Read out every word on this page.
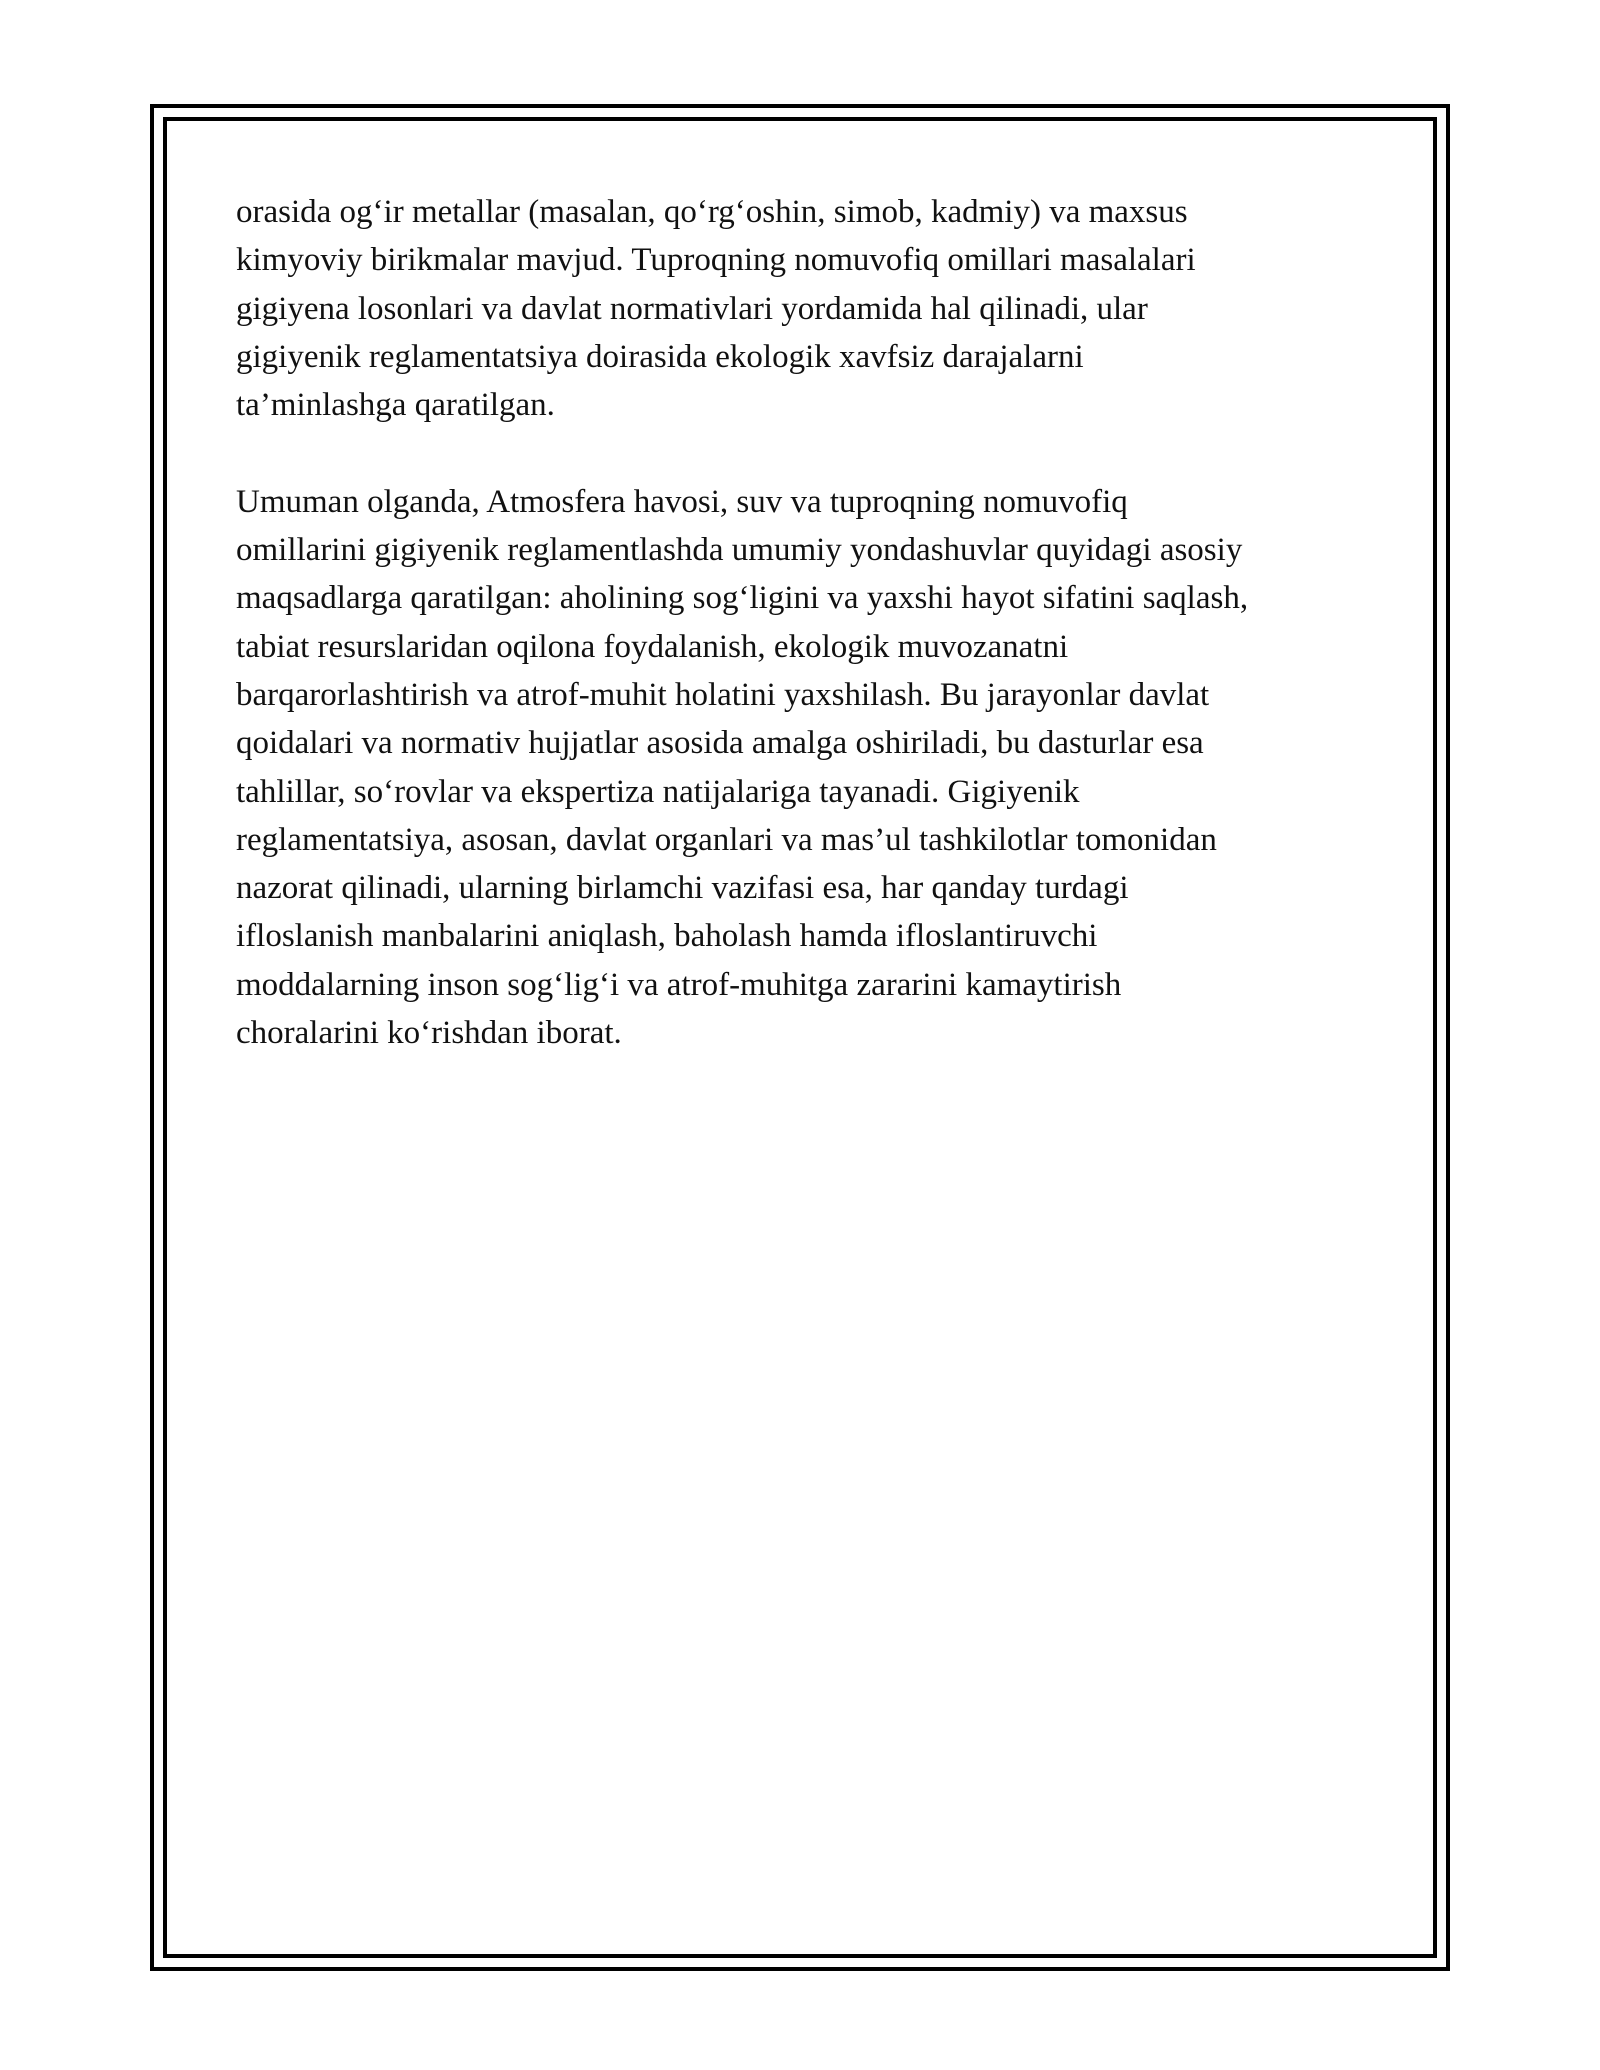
orasida og‘ir metallar (masalan, qo‘rg‘oshin, simob, kadmiy) va maxsus
kimyoviy birikmalar mavjud. Tuproqning nomuvofiq omillari masalalari
gigiyena losonlari va davlat normativlari yordamida hal qilinadi, ular
gigiyenik reglamentatsiya doirasida ekologik xavfsiz darajalarni
ta’minlashga qaratilgan.

Umuman olganda, Atmosfera havosi, suv va tuproqning nomuvofiq
omillarini gigiyenik reglamentlashda umumiy yondashuvlar quyidagi asosiy
maqsadlarga qaratilgan: aholining sog‘ligini va yaxshi hayot sifatini saqlash,
tabiat resurslaridan oqilona foydalanish, ekologik muvozanatni
barqarorlashtirish va atrof-muhit holatini yaxshilash. Bu jarayonlar davlat
qoidalari va normativ hujjatlar asosida amalga oshiriladi, bu dasturlar esa
tahlillar, so‘rovlar va ekspertiza natijalariga tayanadi. Gigiyenik
reglamentatsiya, asosan, davlat organlari va mas’ul tashkilotlar tomonidan
nazorat qilinadi, ularning birlamchi vazifasi esa, har qanday turdagi
ifloslanish manbalarini aniqlash, baholash hamda ifloslantiruvchi
moddalarning inson sog‘lig‘i va atrof-muhitga zararini kamaytirish
choralarini ko‘rishdan iborat.
